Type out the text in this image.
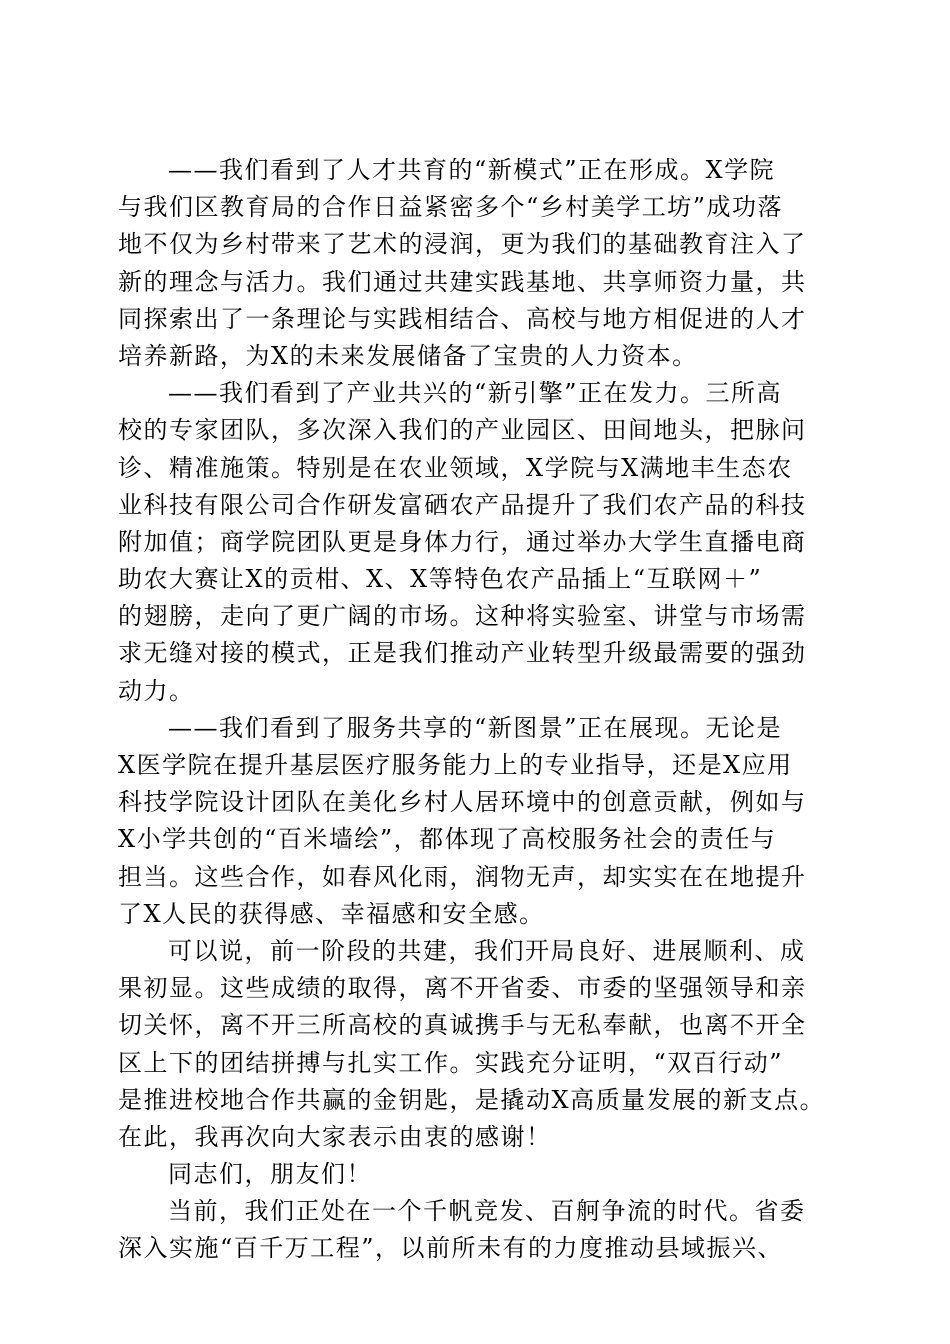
——我们看到了人才共育的“新模式”正在形成。X学院
与我们区教育局的合作日益紧密多个“乡村美学工坊”成功落
地不仅为乡村带来了艺术的浸润，更为我们的基础教育注入了
新的理念与活力。我们通过共建实践基地、共享师资力量，共
同探索出了一条理论与实践相结合、高校与地方相促进的人才
培养新路，为X的未来发展储备了宝贵的人力资本。
——我们看到了产业共兴的“新引擎”正在发力。三所高
校的专家团队，多次深入我们的产业园区、田间地头，把脉问
诊、精准施策。特别是在农业领域，X学院与X满地丰生态农
业科技有限公司合作研发富硒农产品提升了我们农产品的科技
附加值；商学院团队更是身体力行，通过举办大学生直播电商
助农大赛让X的贡柑、X、X等特色农产品插上“互联网＋”
的翅膀，走向了更广阔的市场。这种将实验室、讲堂与市场需
求无缝对接的模式，正是我们推动产业转型升级最需要的强劲
动力。
——我们看到了服务共享的“新图景”正在展现。无论是
X医学院在提升基层医疗服务能力上的专业指导，还是X应用
科技学院设计团队在美化乡村人居环境中的创意贡献，例如与
X小学共创的“百米墙绘”，都体现了高校服务社会的责任与
担当。这些合作，如春风化雨，润物无声，却实实在在地提升
了X人民的获得感、幸福感和安全感。
可以说，前一阶段的共建，我们开局良好、进展顺利、成
果初显。这些成绩的取得，离不开省委、市委的坚强领导和亲
切关怀，离不开三所高校的真诚携手与无私奉献，也离不开全
区上下的团结拼搏与扎实工作。实践充分证明，“双百行动”
是推进校地合作共赢的金钥匙，是撬动X高质量发展的新支点。
在此，我再次向大家表示由衷的感谢！
同志们，朋友们！
当前，我们正处在一个千帆竞发、百舸争流的时代。省委
深入实施“百千万工程”，以前所未有的力度推动县域振兴、
